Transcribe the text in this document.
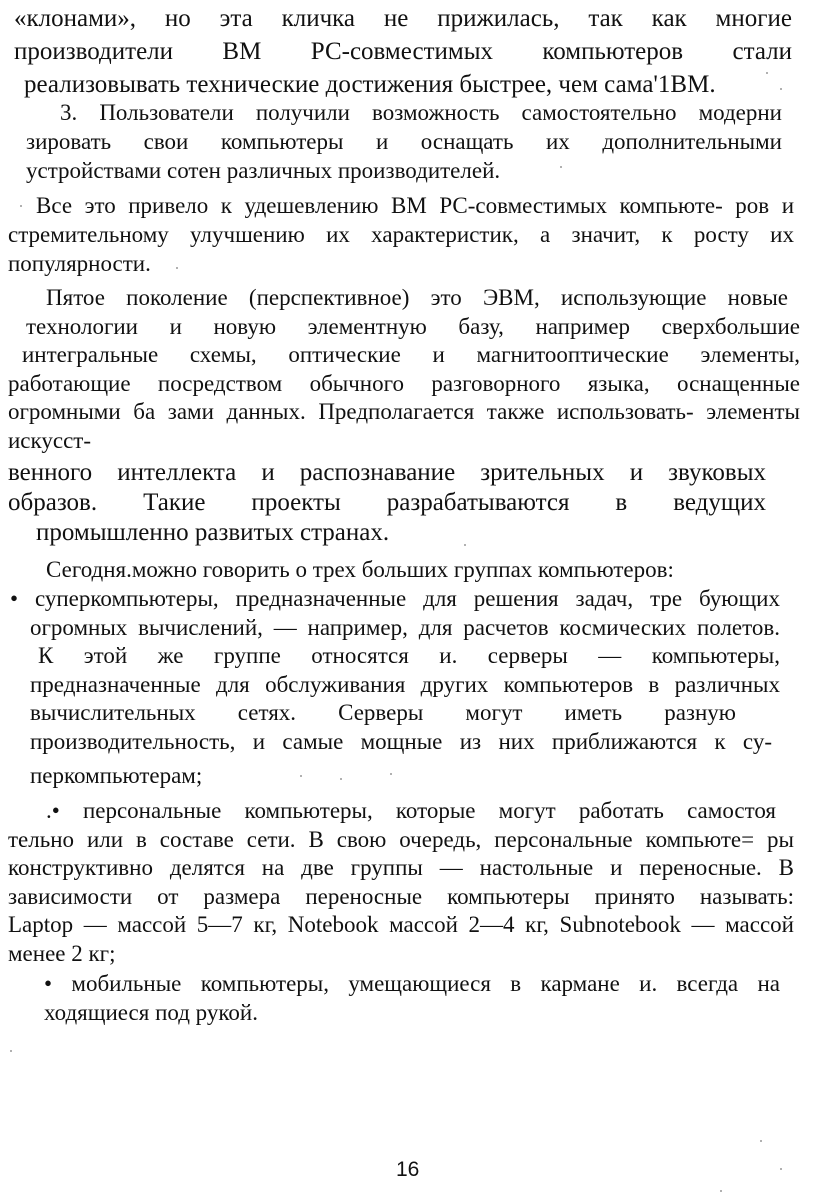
«клонами», но эта кличка не прижилась, так как многие
производители ВМ РС-совместимых компьютеров стали
реализовывать технические достижения быстрее, чем сама'1ВМ.
3. Пользователи получили возможность самостоятельно модерни
зировать свои компьютеры и оснащать их дополнительными
устройствами сотен различных производителей.
Все это привело к удешевлению ВМ РС-совместимых компьюте- ров и
стремительному улучшению их характеристик, а значит, к росту их
популярности.
Пятое поколение (перспективное) это ЭВМ, использующие новые
технологии и новую элементную базу, например сверхбольшие
интегральные схемы, оптические и магнитооптические элементы,
работающие посредством обычного разговорного языка, оснащенные
огромными ба зами данных. Предполагается также использовать- элементы
искусст-
венного интеллекта и распознавание зрительных и звуковых
образов. Такие проекты разрабатываются в ведущих
промышленно развитых странах.
Сегодня.можно говорить о трех больших группах компьютеров:
• суперкомпьютеры, предназначенные для решения задач, тре бующих
огромных вычислений, — например, для расчетов космических полетов.
К этой же группе относятся и. серверы — компьютеры,
предназначенные для обслуживания других компьютеров в различных
вычислительных сетях. Серверы могут иметь разную
производительность, и самые мощные из них приближаются к су-
перкомпьютерам;
.• персональные компьютеры, которые могут работать самостоя
тельно или в составе сети. В свою очередь, персональные компьюте= ры
конструктивно делятся на две группы — настольные и переносные. В
зависимости от размера переносные компьютеры принято называть:
Laptop — массой 5—7 кг, Notebook массой 2—4 кг, Subnotebook — массой
менее 2 кг;
• мобильные компьютеры, умещающиеся в кармане и. всегда на
ходящиеся под рукой.
16
